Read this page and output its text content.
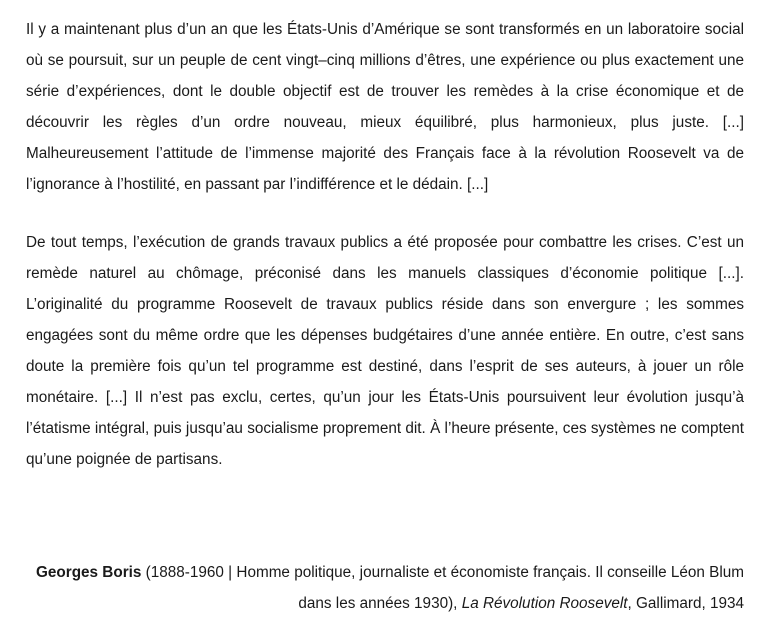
Il y a maintenant plus d’un an que les États-Unis d’Amérique se sont transformés en un laboratoire social où se poursuit, sur un peuple de cent vingt–cinq millions d’êtres, une expérience ou plus exactement une série d’expériences, dont le double objectif est de trouver les remèdes à la crise économique et de découvrir les règles d’un ordre nouveau, mieux équilibré, plus harmonieux, plus juste. [...] Malheureusement l’attitude de l’immense majorité des Français face à la révolution Roosevelt va de l’ignorance à l’hostilité, en passant par l’indifférence et le dédain. [...]

De tout temps, l’exécution de grands travaux publics a été proposée pour combattre les crises. C’est un remède naturel au chômage, préconisé dans les manuels classiques d’économie politique [...]. L’originalité du programme Roosevelt de travaux publics réside dans son envergure ; les sommes engagées sont du même ordre que les dépenses budgétaires d’une année entière. En outre, c’est sans doute la première fois qu’un tel programme est destiné, dans l’esprit de ses auteurs, à jouer un rôle monétaire. [...] Il n’est pas exclu, certes, qu’un jour les États-Unis poursuivent leur évolution jusqu’à l’étatisme intégral, puis jusqu’au socialisme proprement dit. À l’heure présente, ces systèmes ne comptent qu’une poignée de partisans.

Georges Boris (1888-1960 | Homme politique, journaliste et économiste français. Il conseille Léon Blum dans les années 1930), La Révolution Roosevelt, Gallimard, 1934
